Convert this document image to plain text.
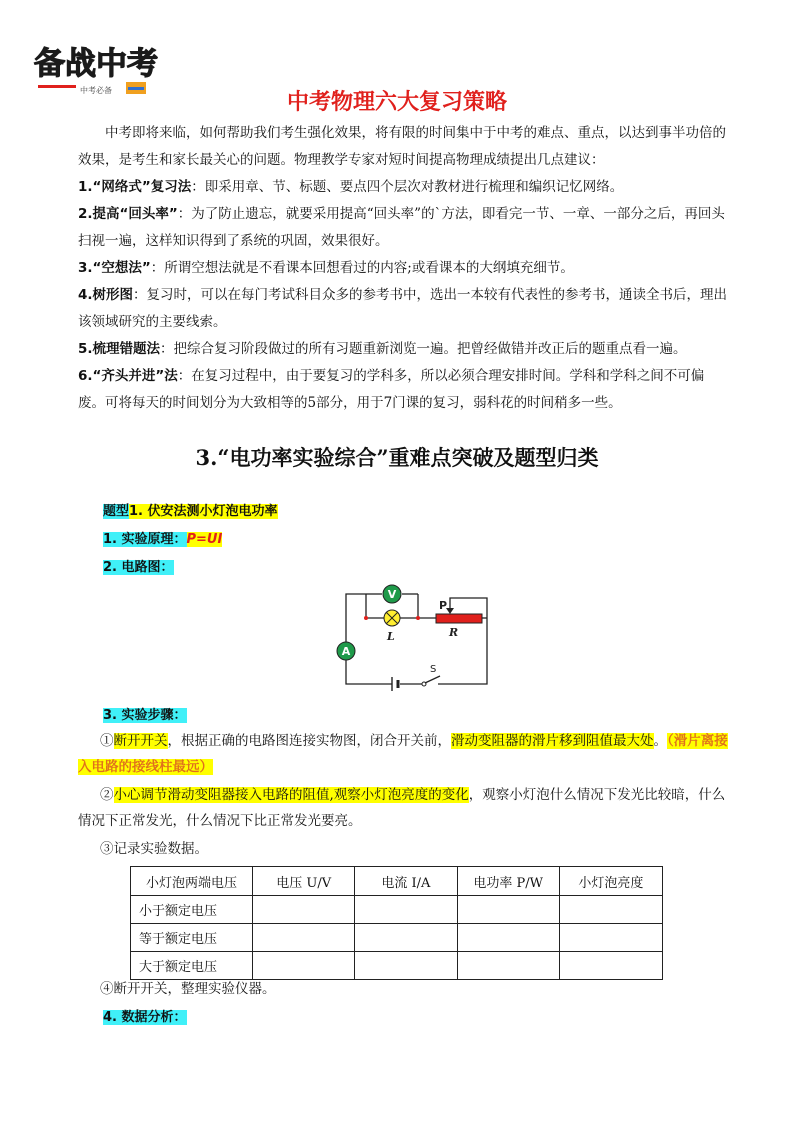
备战中考
中考必备	中考物理六大复习策略
中考即将来临，如何帮助我们考生强化效果，将有限的时间集中于中考的难点、重点，以达到事半功倍的效果，是考生和家长最关心的问题。物理教学专家对短时间提高物理成绩提出几点建议：
1.“网络式”复习法：即采用章、节、标题、要点四个层次对教材进行梳理和编织记忆网络。
2.提高“回头率”：为了防止遗忘，就要采用提高“回头率”的`方法，即看完一节、一章、一部分之后，再回头扫视一遍，这样知识得到了系统的巩固，效果很好。
3.“空想法”：所谓空想法就是不看课本回想看过的内容;或看课本的大纲填充细节。
4.树形图：复习时，可以在每门考试科目众多的参考书中，选出一本较有代表性的参考书，通读全书后，理出该领域研究的主要线索。
5.梳理错题法：把综合复习阶段做过的所有习题重新浏览一遍。把曾经做错并改正后的题重点看一遍。
6.“齐头并进”法：在复习过程中，由于要复习的学科多，所以必须合理安排时间。学科和学科之间不可偏废。可将每天的时间划分为大致相等的5部分，用于7门课的复习，弱科花的时间稍多一些。
3.“电功率实验综合”重难点突破及题型归类
题型1. 伏安法测小灯泡电功率
1. 实验原理：P=UI
2. 电路图：
V
A
P
R
L
S
3. 实验步骤：
①断开开关，根据正确的电路图连接实物图，闭合开关前，滑动变阻器的滑片移到阻值最大处。（滑片离接入电路的接线柱最远）
②小心调节滑动变阻器接入电路的阻值,观察小灯泡亮度的变化，观察小灯泡什么情况下发光比较暗，什么情况下正常发光，什么情况下比正常发光要亮。
③记录实验数据。
小灯泡两端电压	电压 U/V	电流 I/A	电功率 P/W	小灯泡亮度
小于额定电压				
等于额定电压				
大于额定电压				
④断开开关，整理实验仪器。
4. 数据分析：
